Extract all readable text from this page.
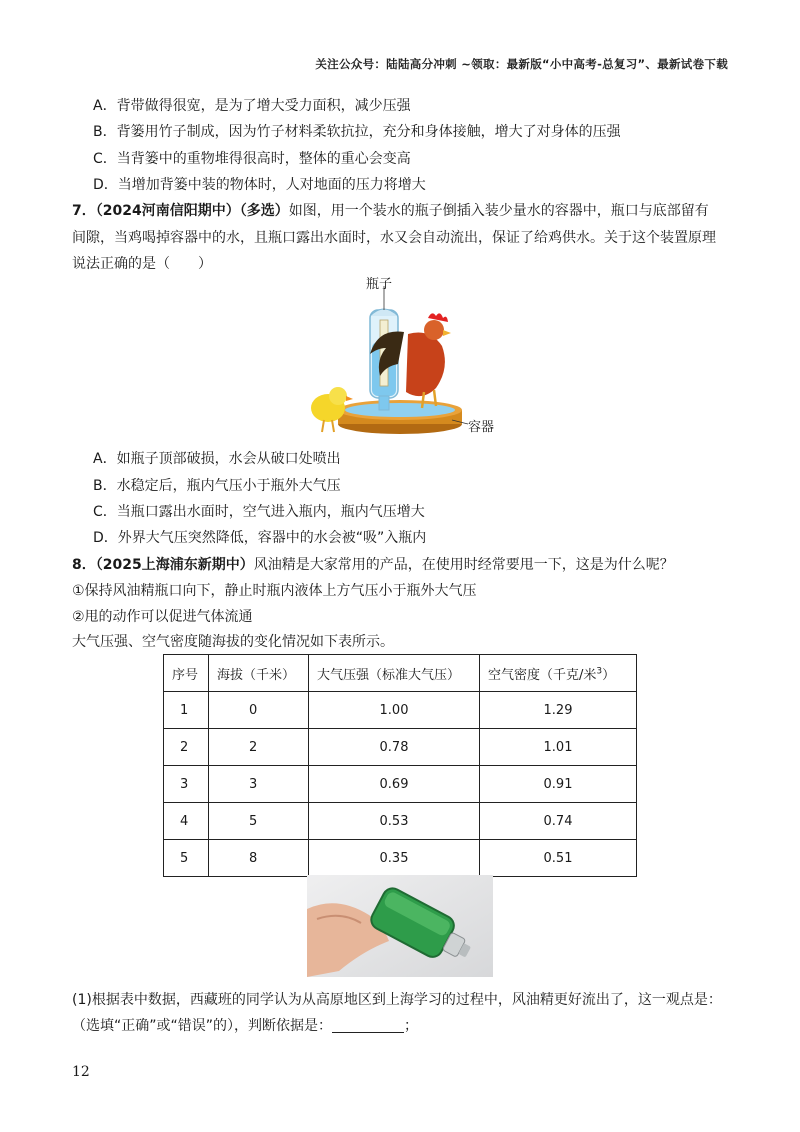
关注公众号：陆陆高分冲刺 ~领取：最新版“小中高考-总复习”、最新试卷下载
A．背带做得很宽，是为了增大受力面积，减少压强
B．背篓用竹子制成，因为竹子材料柔软抗拉，充分和身体接触，增大了对身体的压强
C．当背篓中的重物堆得很高时，整体的重心会变高
D．当增加背篓中装的物体时，人对地面的压力将增大
7．（2024河南信阳期中）（多选）如图，用一个装水的瓶子倒插入装少量水的容器中，瓶口与底部留有
间隙，当鸡喝掉容器中的水，且瓶口露出水面时，水又会自动流出，保证了给鸡供水。关于这个装置原理
说法正确的是（　　）
瓶子
容器
A．如瓶子顶部破损，水会从破口处喷出
B．水稳定后，瓶内气压小于瓶外大气压
C．当瓶口露出水面时，空气进入瓶内，瓶内气压增大
D．外界大气压突然降低，容器中的水会被“吸”入瓶内
8．（2025上海浦东新期中）风油精是大家常用的产品，在使用时经常要甩一下，这是为什么呢？
①保持风油精瓶口向下，静止时瓶内液体上方气压小于瓶外大气压
②甩的动作可以促进气体流通
大气压强、空气密度随海拔的变化情况如下表所示。
序号	海拔（千米）	大气压强（标准大气压）	空气密度（千克/米$^3$）
1	0	1.00	1.29
2	2	0.78	1.01
3	3	0.69	0.91
4	5	0.53	0.74
5	8	0.35	0.51
(1)根据表中数据，西藏班的同学认为从高原地区到上海学习的过程中，风油精更好流出了，这一观点是：
（选填“正确”或“错误”的），判断依据是：	；
12
